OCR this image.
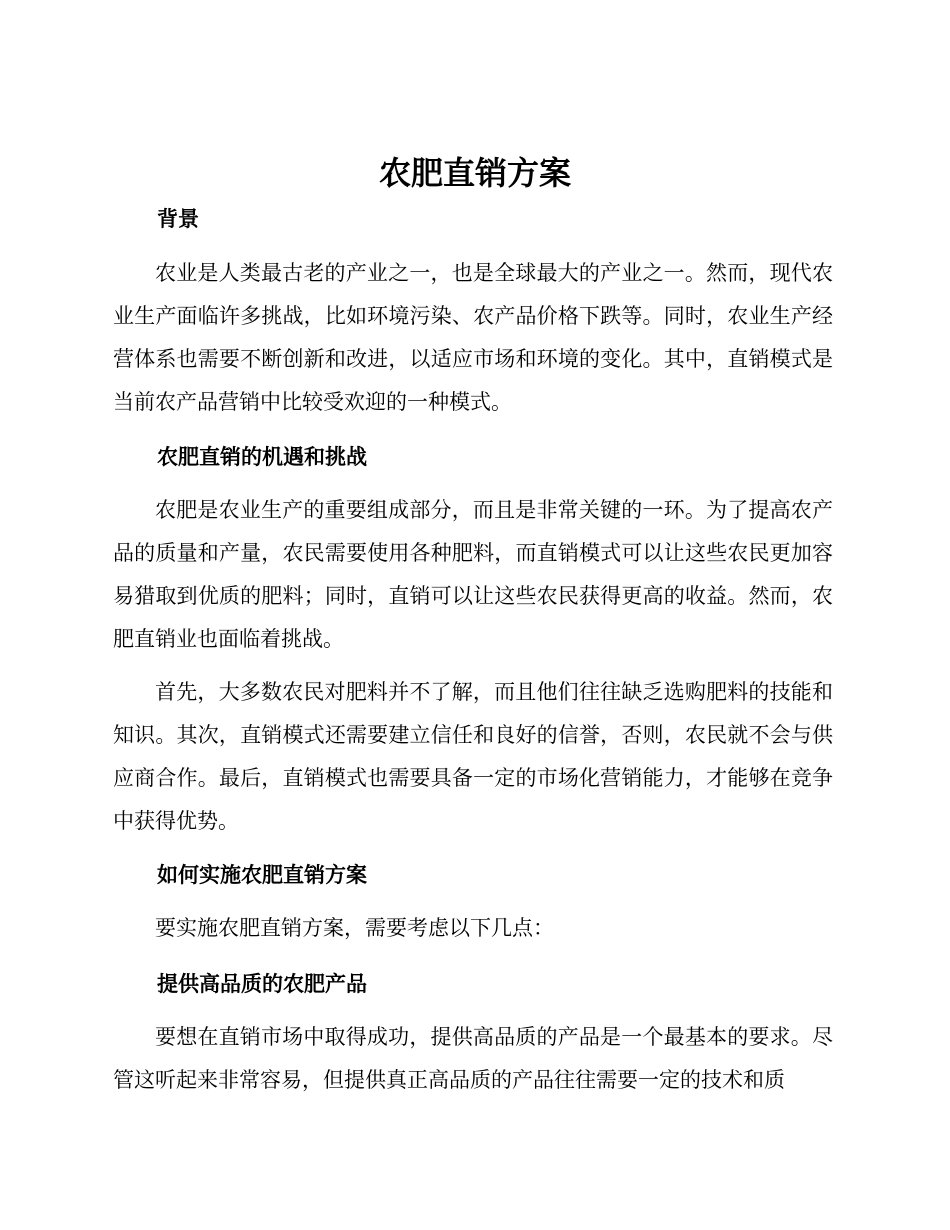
农肥直销方案
背景

农业是人类最古老的产业之一，也是全球最大的产业之一。然而，现代农业生产面临许多挑战，比如环境污染、农产品价格下跌等。同时，农业生产经营体系也需要不断创新和改进，以适应市场和环境的变化。其中，直销模式是当前农产品营销中比较受欢迎的一种模式。

农肥直销的机遇和挑战

农肥是农业生产的重要组成部分，而且是非常关键的一环。为了提高农产品的质量和产量，农民需要使用各种肥料，而直销模式可以让这些农民更加容易猎取到优质的肥料；同时，直销可以让这些农民获得更高的收益。然而，农肥直销业也面临着挑战。

首先，大多数农民对肥料并不了解，而且他们往往缺乏选购肥料的技能和知识。其次，直销模式还需要建立信任和良好的信誉，否则，农民就不会与供应商合作。最后，直销模式也需要具备一定的市场化营销能力，才能够在竞争中获得优势。

如何实施农肥直销方案

要实施农肥直销方案，需要考虑以下几点：

提供高品质的农肥产品

要想在直销市场中取得成功，提供高品质的产品是一个最基本的要求。尽管这听起来非常容易，但提供真正高品质的产品往往需要一定的技术和质
